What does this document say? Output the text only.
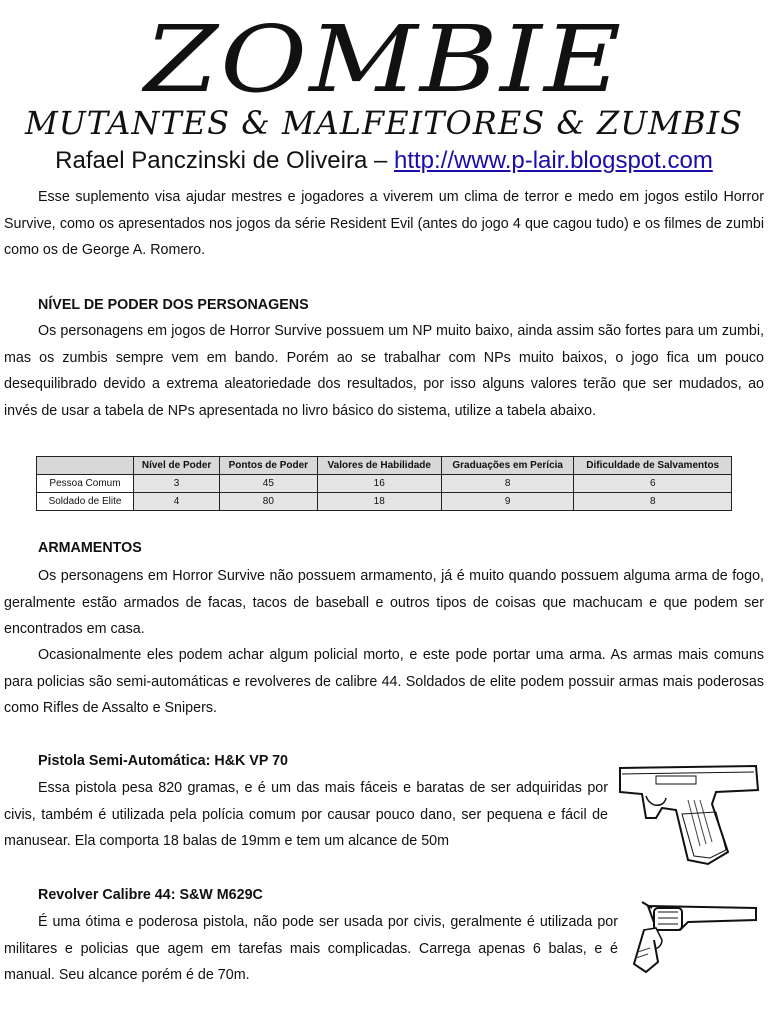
ZOMBIE
MUTANTES & MALFEITORES & ZUMBIS
Rafael Panczinski de Oliveira – http://www.p-lair.blogspot.com

Esse suplemento visa ajudar mestres e jogadores a viverem um clima de terror e medo em jogos estilo Horror Survive, como os apresentados nos jogos da série Resident Evil (antes do jogo 4 que cagou tudo) e os filmes de zumbi como os de George A. Romero.

NÍVEL DE PODER DOS PERSONAGENS

Os personagens em jogos de Horror Survive possuem um NP muito baixo, ainda assim são fortes para um zumbi, mas os zumbis sempre vem em bando. Porém ao se trabalhar com NPs muito baixos, o jogo fica um pouco desequilibrado devido a extrema aleatoriedade dos resultados, por isso alguns valores terão que ser mudados, ao invés de usar a tabela de NPs apresentada no livro básico do sistema, utilize a tabela abaixo.

	Nível de Poder	Pontos de Poder	Valores de Habilidade	Graduações em Perícia	Dificuldade de Salvamentos
Pessoa Comum	3	45	16	8	6
Soldado de Elite	4	80	18	9	8

ARMAMENTOS

Os personagens em Horror Survive não possuem armamento, já é muito quando possuem alguma arma de fogo, geralmente estão armados de facas, tacos de baseball e outros tipos de coisas que machucam e que podem ser encontrados em casa.

Ocasionalmente eles podem achar algum policial morto, e este pode portar uma arma. As armas mais comuns para policias são semi-automáticas e revolveres de calibre 44. Soldados de elite podem possuir armas mais poderosas como Rifles de Assalto e Snipers.

Pistola Semi-Automática: H&K VP 70

Essa pistola pesa 820 gramas, e é um das mais fáceis e baratas de ser adquiridas por civis, também é utilizada pela polícia comum por causar pouco dano, ser pequena e fácil de manusear. Ela comporta 18 balas de 19mm e tem um alcance de 50m

Revolver Calibre 44: S&W M629C

É uma ótima e poderosa pistola, não pode ser usada por civis, geralmente é utilizada por militares e policias que agem em tarefas mais complicadas. Carrega apenas 6 balas, e é manual. Seu alcance porém é de 70m.
